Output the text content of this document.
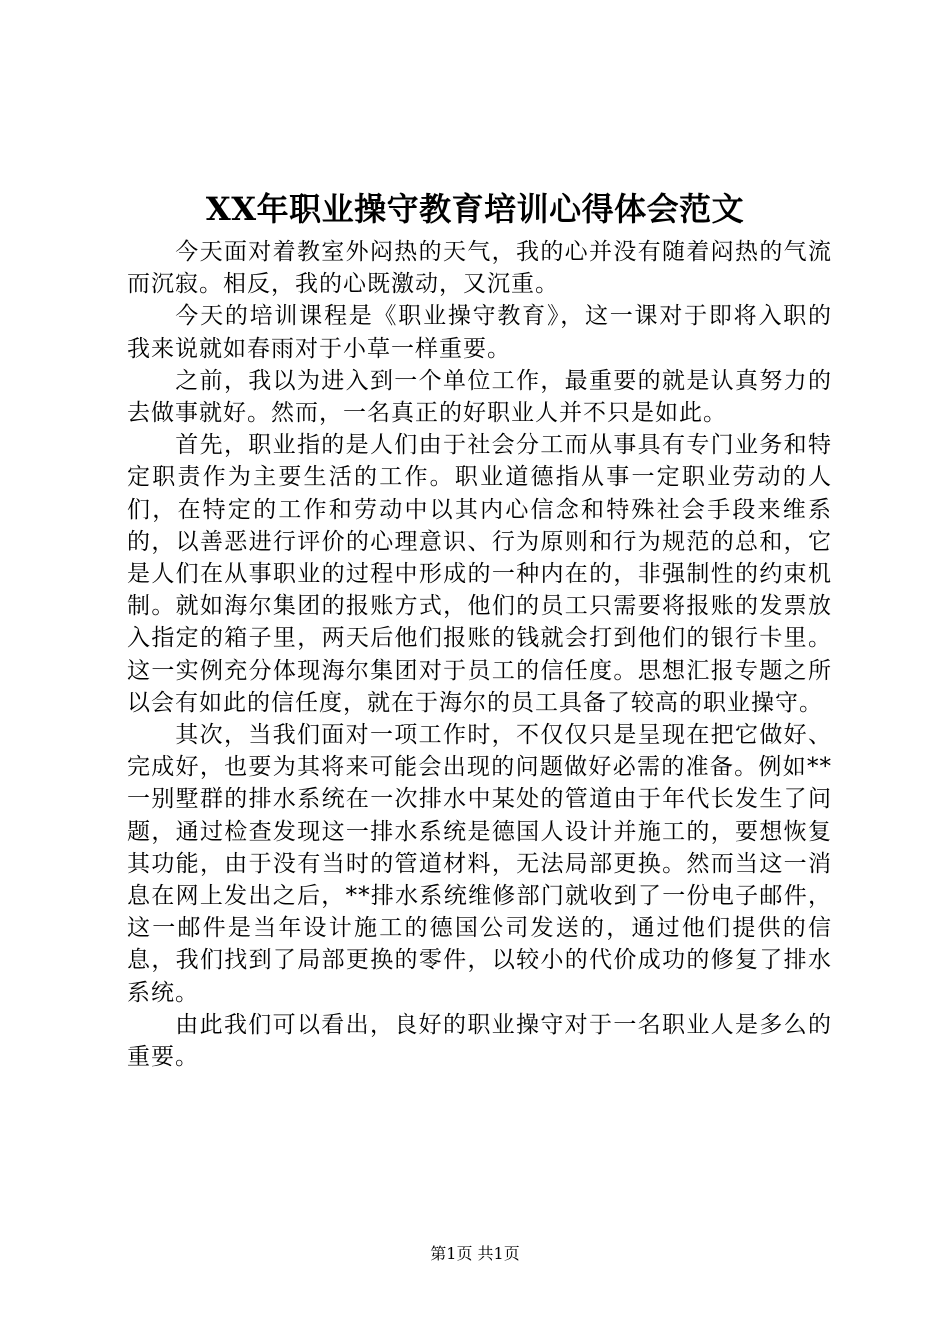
XX年职业操守教育培训心得体会范文

今天面对着教室外闷热的天气，我的心并没有随着闷热的气流而沉寂。相反，我的心既激动，又沉重。

今天的培训课程是《职业操守教育》，这一课对于即将入职的我来说就如春雨对于小草一样重要。

之前，我以为进入到一个单位工作，最重要的就是认真努力的去做事就好。然而，一名真正的好职业人并不只是如此。

首先，职业指的是人们由于社会分工而从事具有专门业务和特定职责作为主要生活的工作。职业道德指从事一定职业劳动的人们，在特定的工作和劳动中以其内心信念和特殊社会手段来维系的，以善恶进行评价的心理意识、行为原则和行为规范的总和，它是人们在从事职业的过程中形成的一种内在的，非强制性的约束机制。就如海尔集团的报账方式，他们的员工只需要将报账的发票放入指定的箱子里，两天后他们报账的钱就会打到他们的银行卡里。这一实例充分体现海尔集团对于员工的信任度。思想汇报专题之所以会有如此的信任度，就在于海尔的员工具备了较高的职业操守。

其次，当我们面对一项工作时，不仅仅只是呈现在把它做好、完成好，也要为其将来可能会出现的问题做好必需的准备。例如**一别墅群的排水系统在一次排水中某处的管道由于年代长发生了问题，通过检查发现这一排水系统是德国人设计并施工的，要想恢复其功能，由于没有当时的管道材料，无法局部更换。然而当这一消息在网上发出之后，**排水系统维修部门就收到了一份电子邮件，这一邮件是当年设计施工的德国公司发送的，通过他们提供的信息，我们找到了局部更换的零件，以较小的代价成功的修复了排水系统。

由此我们可以看出，良好的职业操守对于一名职业人是多么的重要。

第1页 共1页
